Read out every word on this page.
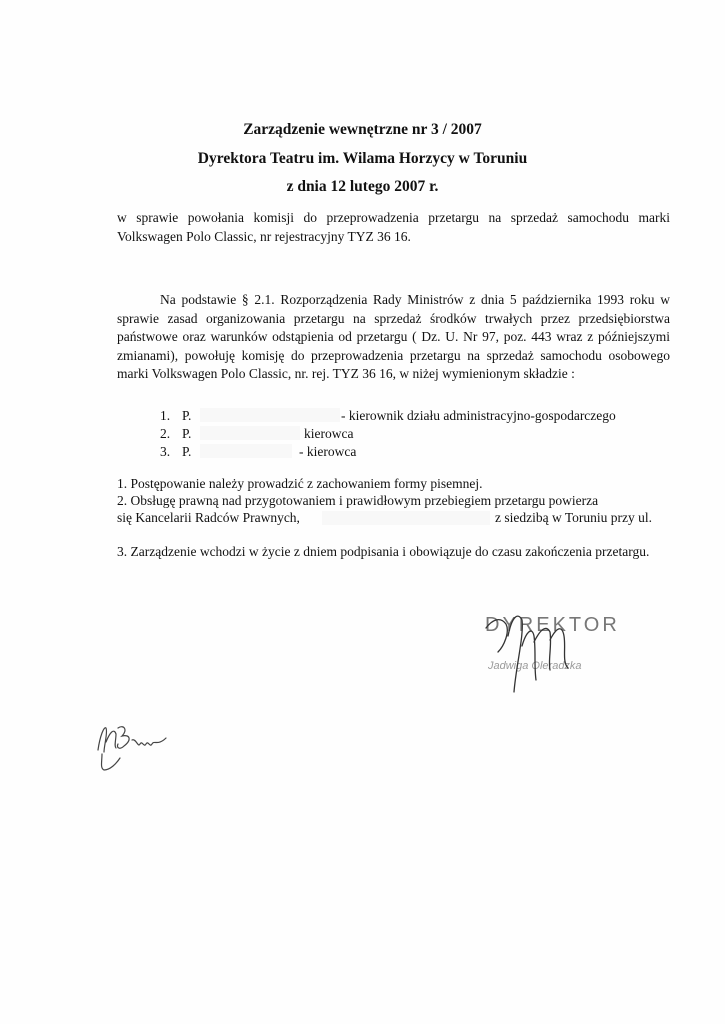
Zarządzenie wewnętrzne nr 3 / 2007
Dyrektora Teatru im. Wilama Horzycy w Toruniu
z dnia 12 lutego 2007 r.
w sprawie powołania komisji do przeprowadzenia przetargu na sprzedaż samochodu marki Volkswagen Polo Classic, nr rejestracyjny TYZ 36 16.
Na podstawie § 2.1. Rozporządzenia Rady Ministrów z dnia 5 października 1993 roku w sprawie zasad organizowania przetargu na sprzedaż środków trwałych przez przedsiębiorstwa państwowe oraz warunków odstąpienia od przetargu ( Dz. U. Nr 97, poz. 443 wraz z późniejszymi zmianami), powołuję komisję do przeprowadzenia przetargu na sprzedaż samochodu osobowego marki Volkswagen Polo Classic, nr. rej. TYZ 36 16, w niżej wymienionym składzie :
1. P.	- kierownik działu administracyjno-gospodarczego
2. P.	kierowca
3. P.	- kierowca
1. Postępowanie należy prowadzić z zachowaniem formy pisemnej.
2. Obsługę prawną nad przygotowaniem i prawidłowym przebiegiem przetargu powierza
się Kancelarii Radców Prawnych,	z siedzibą w Toruniu przy ul.
3. Zarządzenie wchodzi w życie z dniem podpisania i obowiązuje do czasu zakończenia przetargu.
DYREKTOR
Jadwiga Oleradzka
